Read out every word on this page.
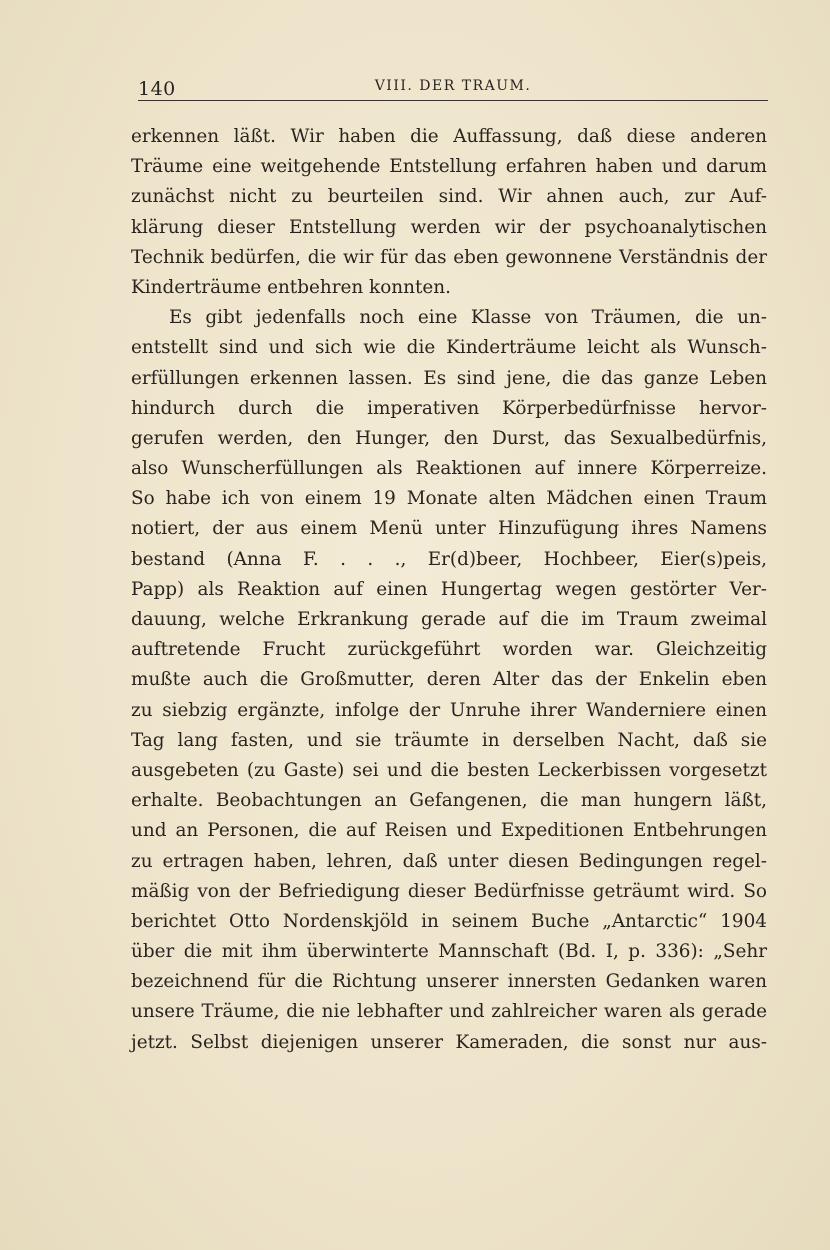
140	VIII. DER TRAUM.
erkennen läßt. Wir haben die Auffassung, daß diese anderen
Träume eine weitgehende Entstellung erfahren haben und darum
zunächst nicht zu beurteilen sind. Wir ahnen auch, zur Auf-
klärung dieser Entstellung werden wir der psychoanalytischen
Technik bedürfen, die wir für das eben gewonnene Verständnis der
Kinderträume entbehren konnten.
Es gibt jedenfalls noch eine Klasse von Träumen, die un-
entstellt sind und sich wie die Kinderträume leicht als Wunsch-
erfüllungen erkennen lassen. Es sind jene, die das ganze Leben
hindurch durch die imperativen Körperbedürfnisse hervor-
gerufen werden, den Hunger, den Durst, das Sexualbedürfnis,
also Wunscherfüllungen als Reaktionen auf innere Körperreize.
So habe ich von einem 19 Monate alten Mädchen einen Traum
notiert, der aus einem Menü unter Hinzufügung ihres Namens
bestand (Anna F. . . ., Er(d)beer, Hochbeer, Eier(s)peis,
Papp) als Reaktion auf einen Hungertag wegen gestörter Ver-
dauung, welche Erkrankung gerade auf die im Traum zweimal
auftretende Frucht zurückgeführt worden war. Gleichzeitig
mußte auch die Großmutter, deren Alter das der Enkelin eben
zu siebzig ergänzte, infolge der Unruhe ihrer Wanderniere einen
Tag lang fasten, und sie träumte in derselben Nacht, daß sie
ausgebeten (zu Gaste) sei und die besten Leckerbissen vorgesetzt
erhalte. Beobachtungen an Gefangenen, die man hungern läßt,
und an Personen, die auf Reisen und Expeditionen Entbehrungen
zu ertragen haben, lehren, daß unter diesen Bedingungen regel-
mäßig von der Befriedigung dieser Bedürfnisse geträumt wird. So
berichtet Otto Nordenskjöld in seinem Buche „Antarctic“ 1904
über die mit ihm überwinterte Mannschaft (Bd. I, p. 336): „Sehr
bezeichnend für die Richtung unserer innersten Gedanken waren
unsere Träume, die nie lebhafter und zahlreicher waren als gerade
jetzt. Selbst diejenigen unserer Kameraden, die sonst nur aus-
